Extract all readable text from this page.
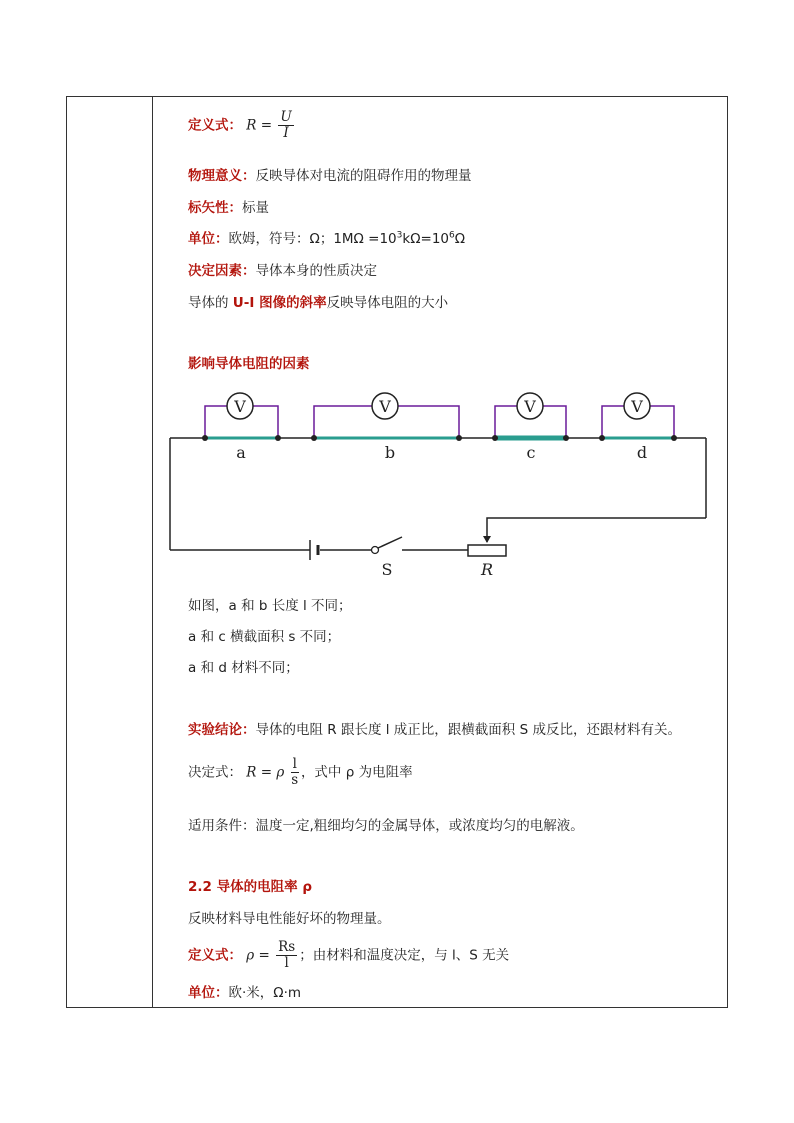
定义式： $R = \frac{U}{I}$
物理意义：反映导体对电流的阻碍作用的物理量
标矢性：标量
单位：欧姆，符号：Ω；$1M\Omega =10^3k\Omega=10^6\Omega$
决定因素：导体本身的性质决定
导体的 U-I 图像的斜率反映导体电阻的大小
影响导体电阻的因素
如图，a 和 b 长度 l 不同；
a 和 c 横截面积 s 不同；
a 和 d 材料不同；
实验结论：导体的电阻 R 跟长度 l 成正比，跟横截面积 S 成反比，还跟材料有关。
决定式： R = ρ $\frac{l}{s}$ ，式中 ρ 为电阻率
适用条件：温度一定,粗细均匀的金属导体，或浓度均匀的电解液。
2.2 导体的电阻率 ρ
反映材料导电性能好坏的物理量。
定义式： $\rho = \frac{Rs}{l}$ ；由材料和温度决定，与 l、S 无关
单位：欧·米，Ω·m
S	R
V	V	V	V
a	b	c	d
